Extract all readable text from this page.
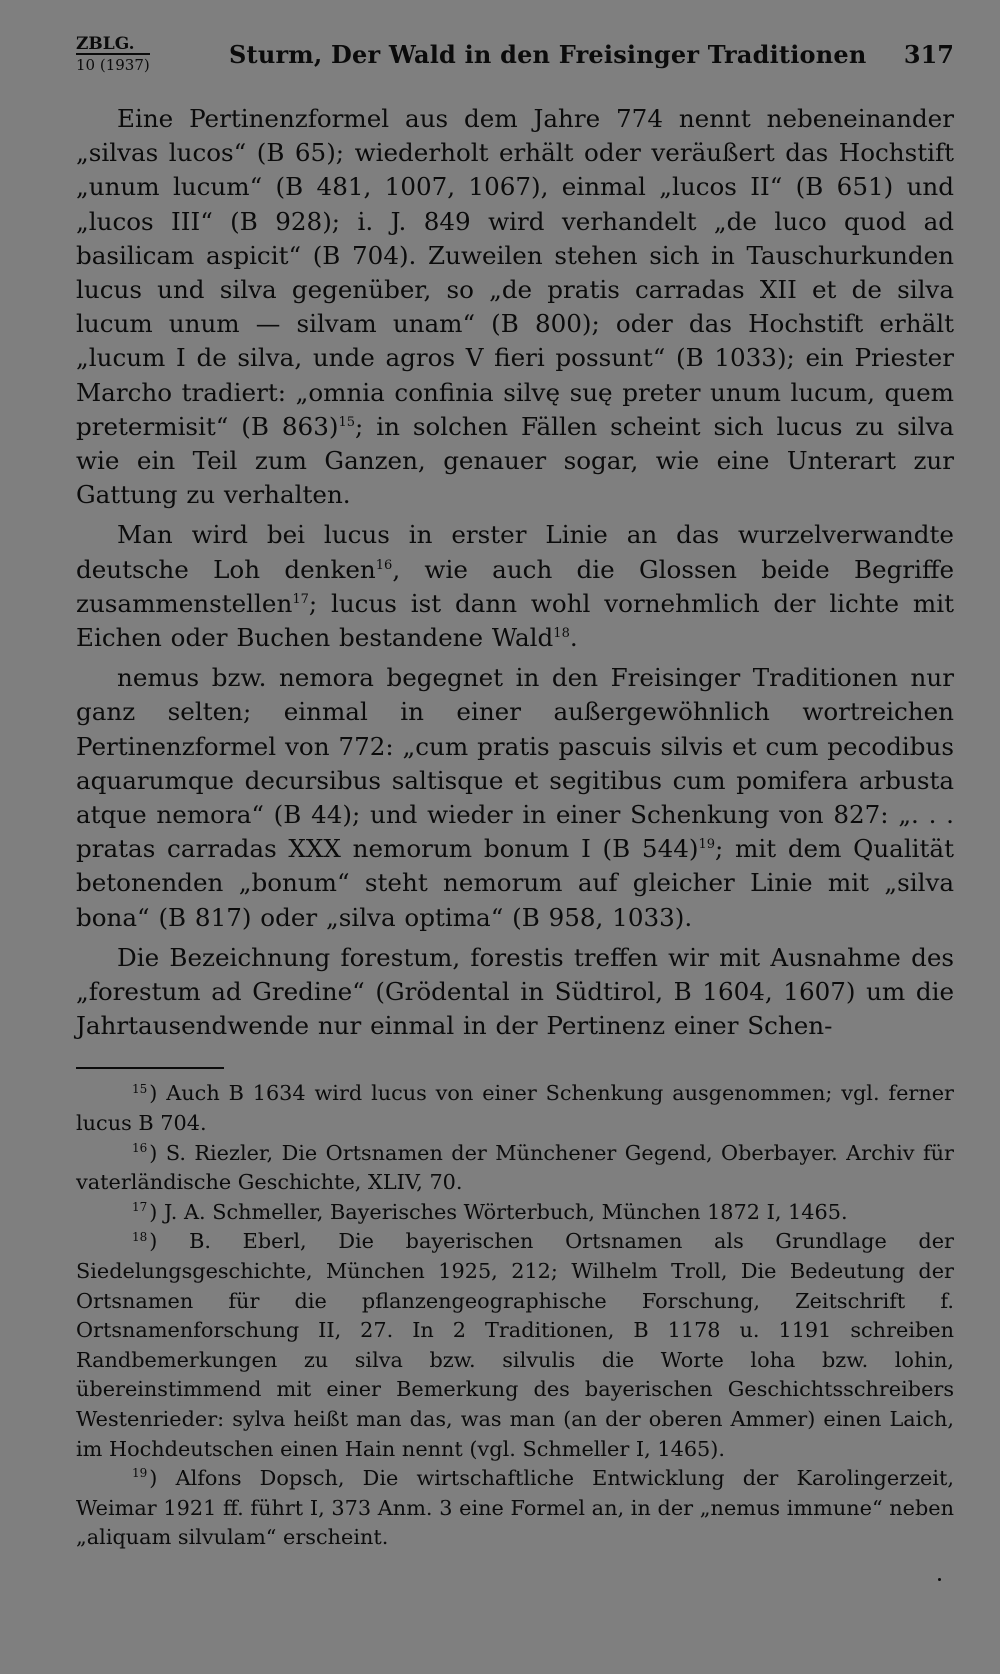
ZBLG.
10 (1937)	Sturm, Der Wald in den Freisinger Traditionen 317

Eine Pertinenzformel aus dem Jahre 774 nennt nebeneinander „silvas lucos“ (B 65); wiederholt erhält oder veräußert das Hochstift „unum lucum“ (B 481, 1007, 1067), einmal „lucos II“ (B 651) und „lucos III“ (B 928); i. J. 849 wird verhandelt „de luco quod ad basilicam aspicit“ (B 704). Zuweilen stehen sich in Tauschurkunden lucus und silva gegenüber, so „de pratis carradas XII et de silva lucum unum — silvam unam“ (B 800); oder das Hochstift erhält „lucum I de silva, unde agros V fieri possunt“ (B 1033); ein Priester Marcho tradiert: „omnia confinia silvę suę preter unum lucum, quem pretermisit“ (B 863)$^{15}$; in solchen Fällen scheint sich lucus zu silva wie ein Teil zum Ganzen, genauer sogar, wie eine Unterart zur Gattung zu verhalten.

Man wird bei lucus in erster Linie an das wurzelverwandte deutsche Loh denken$^{16}$, wie auch die Glossen beide Begriffe zusammenstellen$^{17}$; lucus ist dann wohl vornehmlich der lichte mit Eichen oder Buchen bestandene Wald$^{18}$.

nemus bzw. nemora begegnet in den Freisinger Traditionen nur ganz selten; einmal in einer außergewöhnlich wortreichen Pertinenzformel von 772: „cum pratis pascuis silvis et cum pecodibus aquarumque decursibus saltisque et segitibus cum pomifera arbusta atque nemora“ (B 44); und wieder in einer Schenkung von 827: „. . . pratas carradas XXX nemorum bonum I (B 544)$^{19}$; mit dem Qualität betonenden „bonum“ steht nemorum auf gleicher Linie mit „silva bona“ (B 817) oder „silva optima“ (B 958, 1033).

Die Bezeichnung forestum, forestis treffen wir mit Ausnahme des „forestum ad Gredine“ (Grödental in Südtirol, B 1604, 1607) um die Jahrtausendwende nur einmal in der Pertinenz einer Schen-

$^{15}$) Auch B 1634 wird lucus von einer Schenkung ausgenommen; vgl. ferner lucus B 704.

$^{16}$) S. Riezler, Die Ortsnamen der Münchener Gegend, Oberbayer. Archiv für vaterländische Geschichte, XLIV, 70.

$^{17}$) J. A. Schmeller, Bayerisches Wörterbuch, München 1872 I, 1465.

$^{18}$) B. Eberl, Die bayerischen Ortsnamen als Grundlage der Siedelungsgeschichte, München 1925, 212; Wilhelm Troll, Die Bedeutung der Ortsnamen für die pflanzengeographische Forschung, Zeitschrift f. Ortsnamenforschung II, 27. In 2 Traditionen, B 1178 u. 1191 schreiben Randbemerkungen zu silva bzw. silvulis die Worte loha bzw. lohin, übereinstimmend mit einer Bemerkung des bayerischen Geschichtsschreibers Westenrieder: sylva heißt man das, was man (an der oberen Ammer) einen Laich, im Hochdeutschen einen Hain nennt (vgl. Schmeller I, 1465).

$^{19}$) Alfons Dopsch, Die wirtschaftliche Entwicklung der Karolingerzeit, Weimar 1921 ff. führt I, 373 Anm. 3 eine Formel an, in der „nemus immune“ neben „aliquam silvulam“ erscheint.
